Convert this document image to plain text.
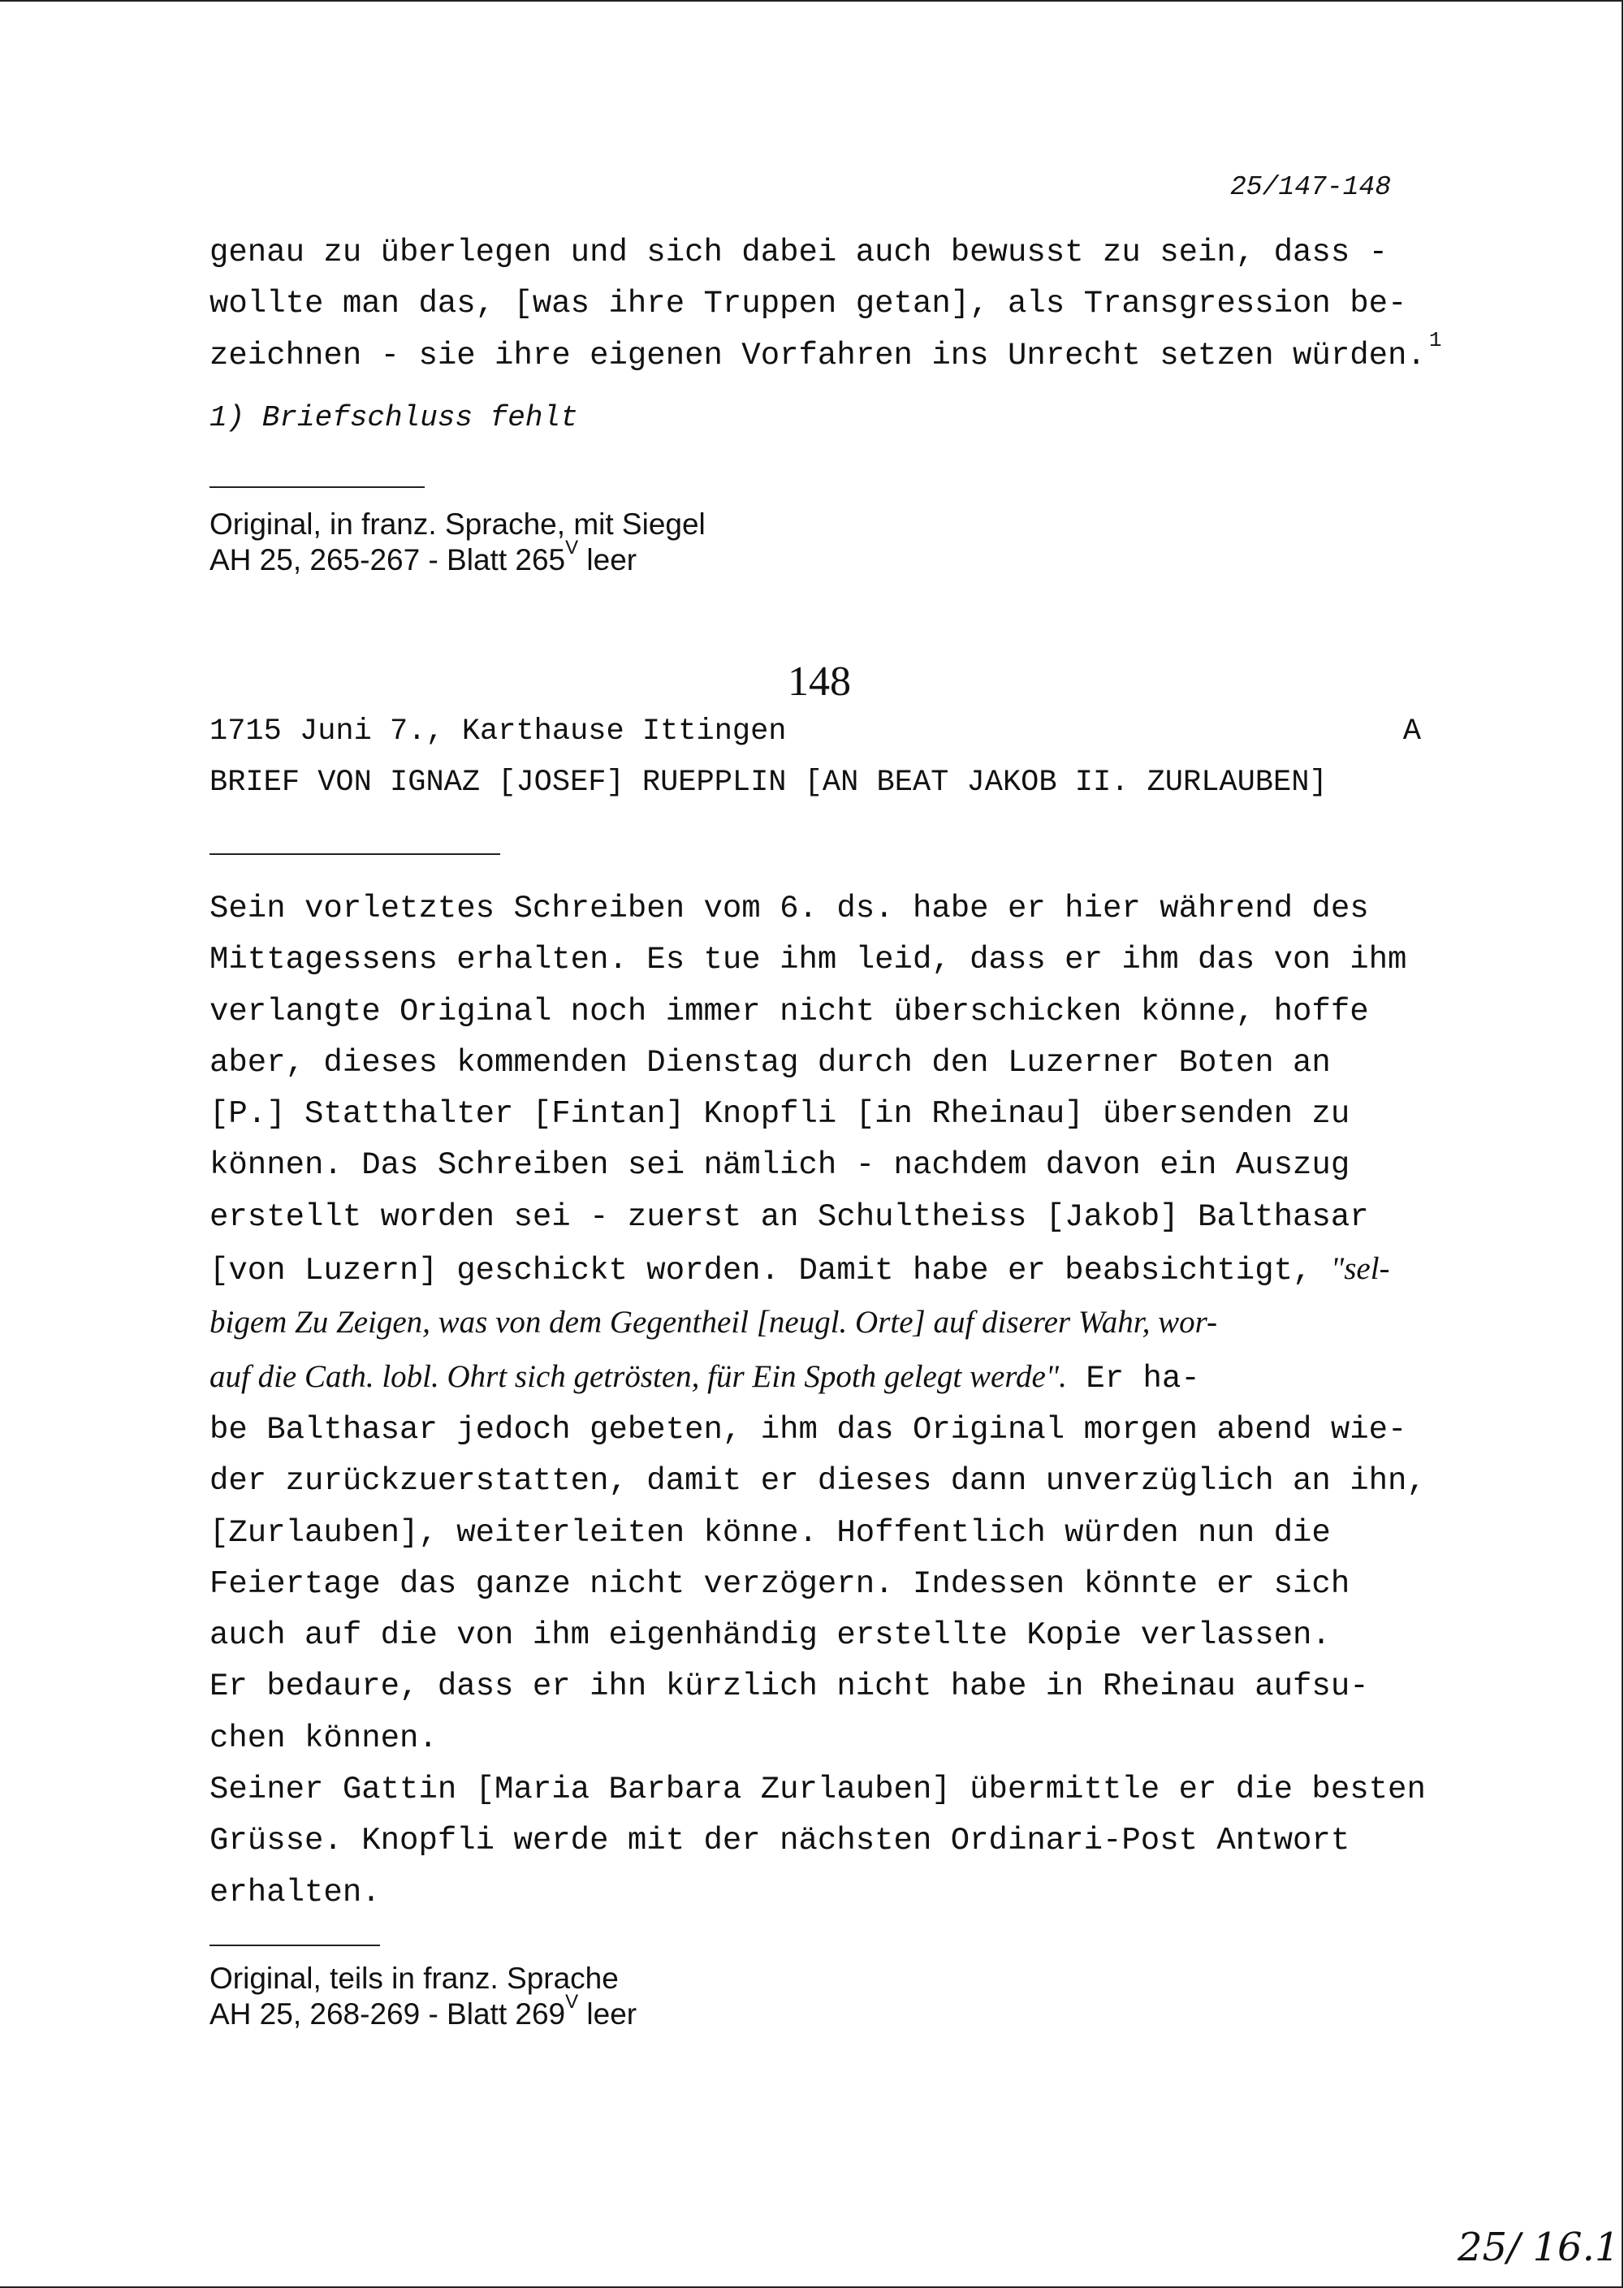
25/147-148
genau zu überlegen und sich dabei auch bewusst zu sein, dass -
wollte man das, [was ihre Truppen getan], als Transgression be-
zeichnen - sie ihre eigenen Vorfahren ins Unrecht setzen würden. $^1$
1) Briefschluss fehlt
Original, in franz. Sprache, mit Siegel
AH 25, 265-267 - Blatt $265^V$ leer
148
1715 Juni 7., Karthause Ittingen	A
BRIEF VON IGNAZ [JOSEF] RUEPPLIN [AN BEAT JAKOB II. ZURLAUBEN]
Sein vorletztes Schreiben vom 6. ds. habe er hier während des
Mittagessens erhalten. Es tue ihm leid, dass er ihm das von ihm
verlangte Original noch immer nicht überschicken könne, hoffe
aber, dieses kommenden Dienstag durch den Luzerner Boten an
[P.] Statthalter [Fintan] Knopfli [in Rheinau] übersenden zu
können. Das Schreiben sei nämlich - nachdem davon ein Auszug
erstellt worden sei - zuerst an Schultheiss [Jakob] Balthasar
[von Luzern] geschickt worden. Damit habe er beabsichtigt, "sel-
bigem Zu Zeigen, was von dem Gegentheil [neugl. Orte] auf diserer Wahr, wor-
auf die Cath. lobl. Ohrt sich getrösten, für Ein Spoth gelegt werde". Er ha-
be Balthasar jedoch gebeten, ihm das Original morgen abend wie-
der zurückzuerstatten, damit er dieses dann unverzüglich an ihn,
[Zurlauben], weiterleiten könne. Hoffentlich würden nun die
Feiertage das ganze nicht verzögern. Indessen könnte er sich
auch auf die von ihm eigenhändig erstellte Kopie verlassen.
Er bedaure, dass er ihn kürzlich nicht habe in Rheinau aufsu-
chen können.
Seiner Gattin [Maria Barbara Zurlauben] übermittle er die besten
Grüsse. Knopfli werde mit der nächsten Ordinari-Post Antwort
erhalten.
Original, teils in franz. Sprache
AH 25, 268-269 - Blatt $269^V$ leer
25/ 16.1
